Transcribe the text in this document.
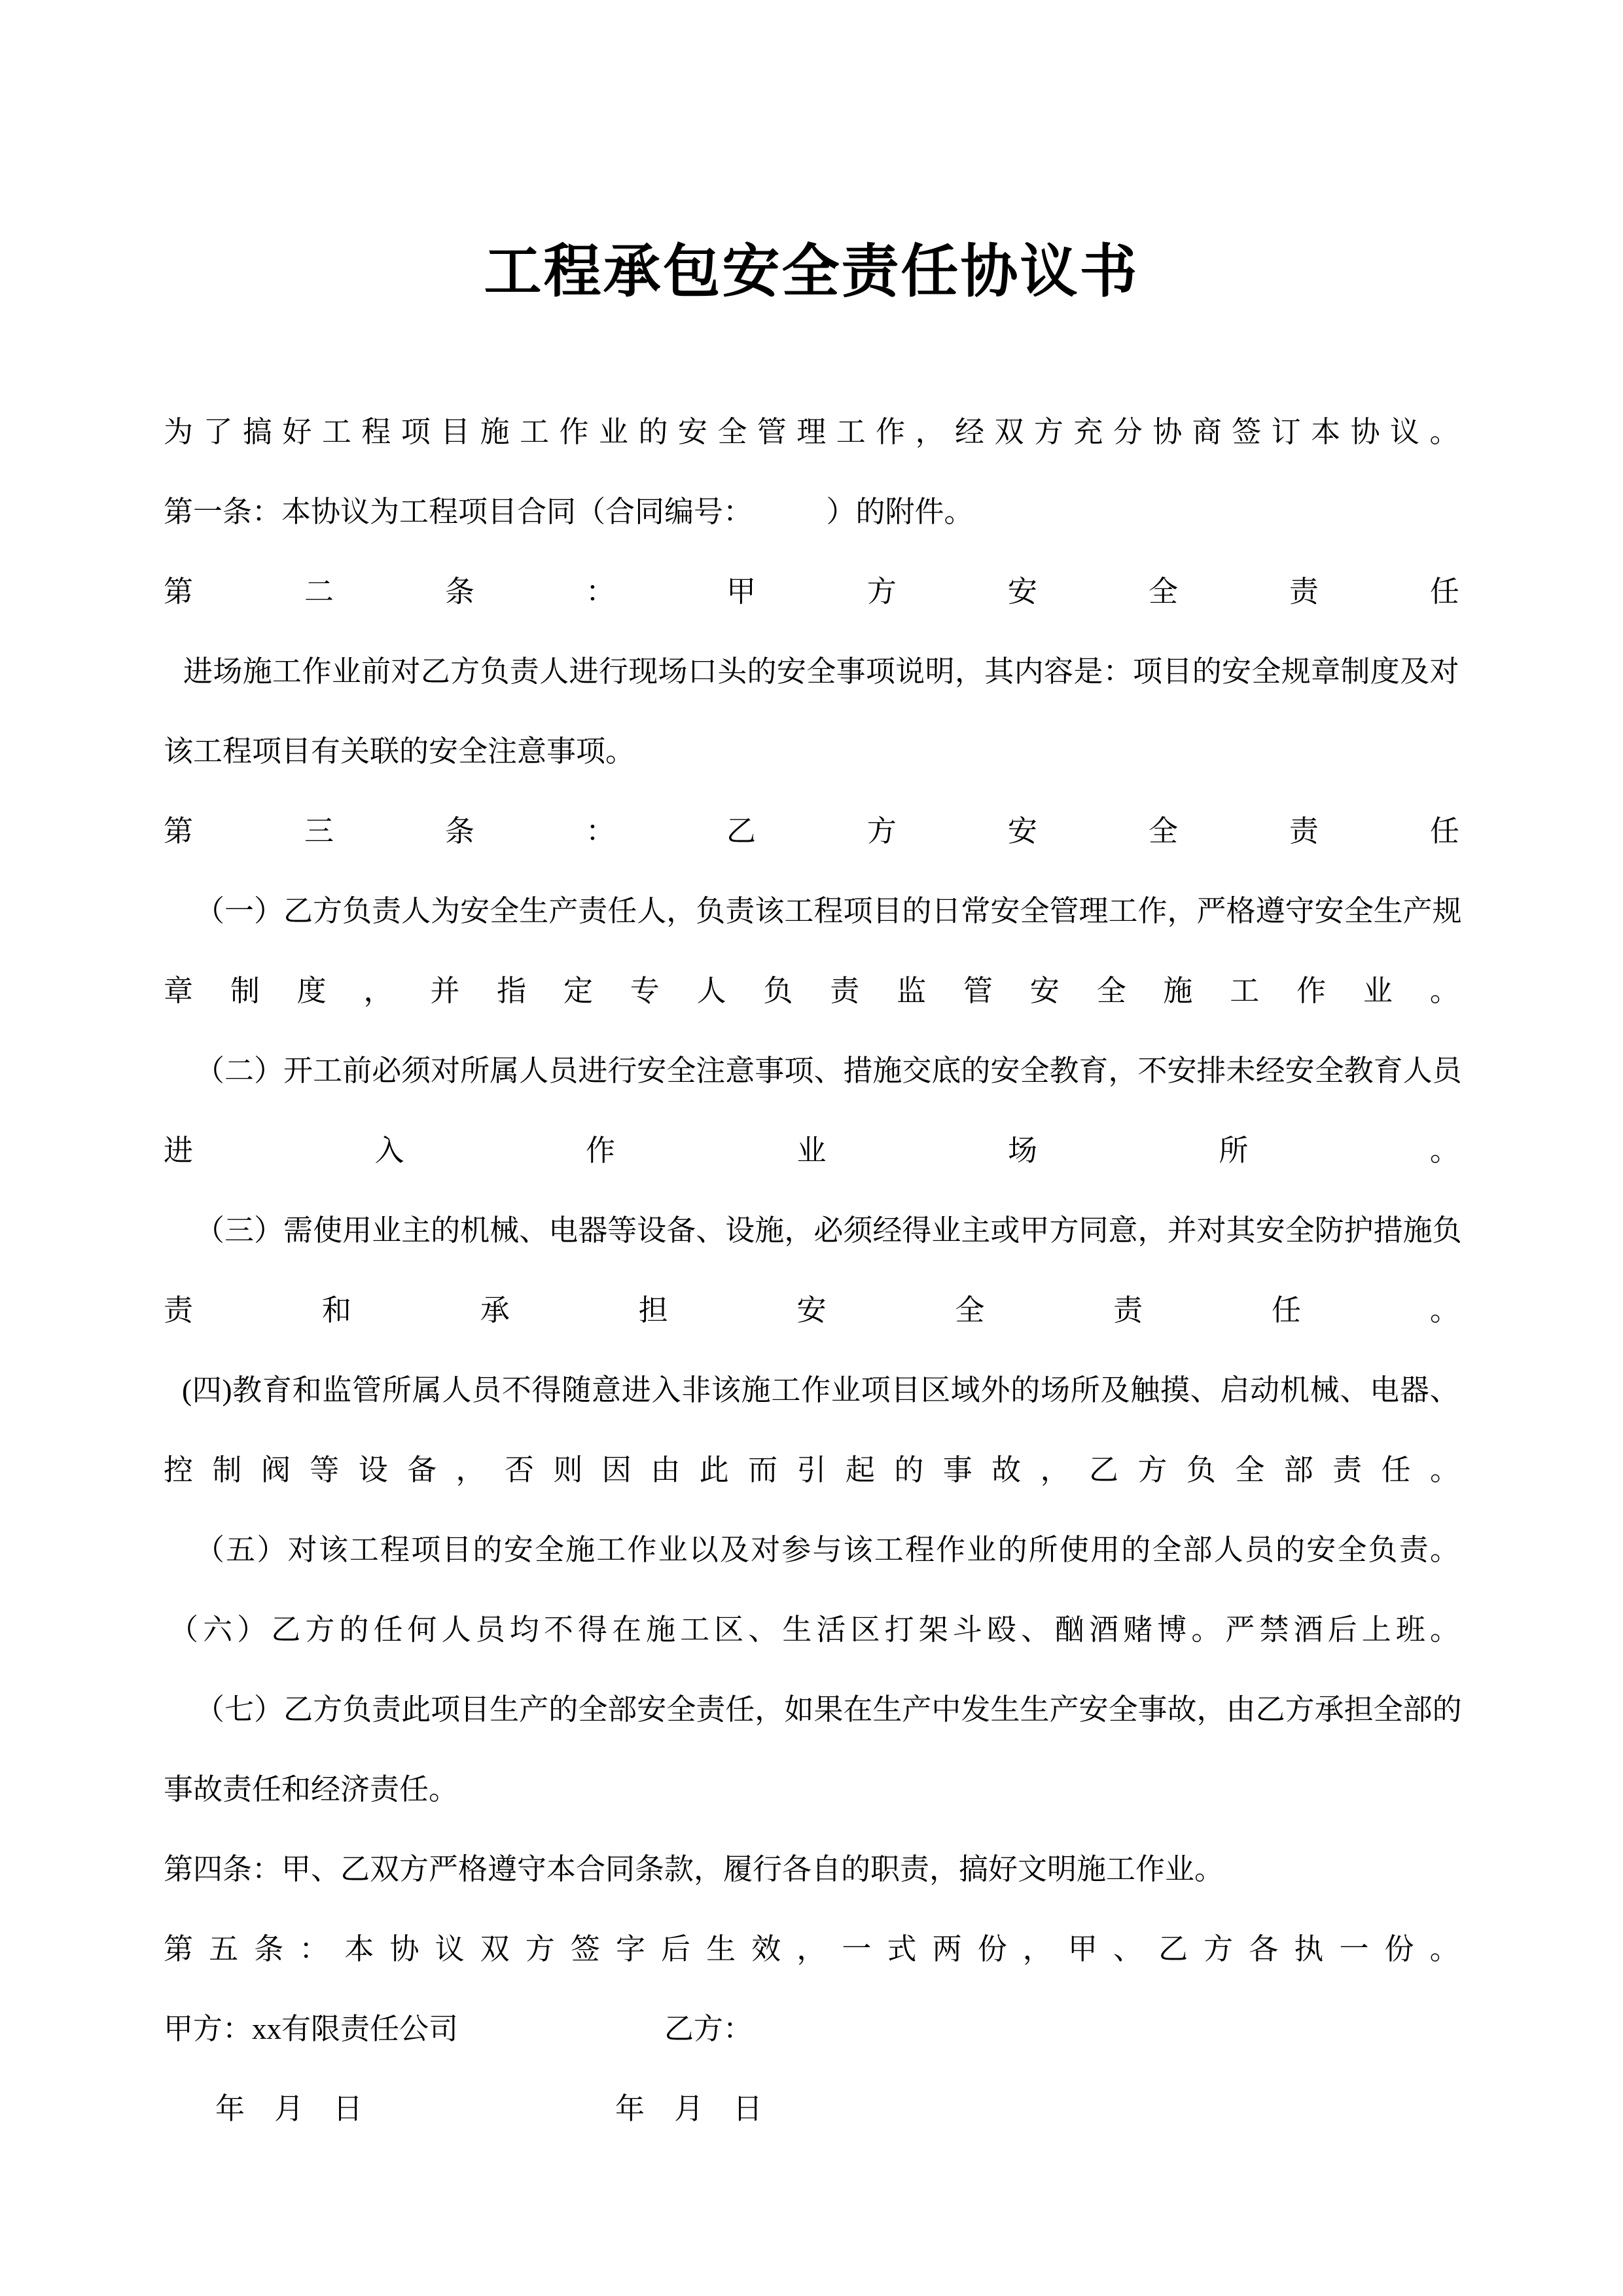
工程承包安全责任协议书
为 了 搞 好 工 程 项 目 施 工 作 业 的 安 全 管 理 工 作 ， 经 双 方 充 分 协 商 签 订 本 协 议 。
第一条：本协议为工程项目合同（合同编号：　　　）的附件。
第	二	条	：	甲	方	安	全	责	任
进 场 施 工 作 业 前 对 乙 方 负 责 人 进 行 现 场 口 头 的 安 全 事 项 说 明 ， 其 内 容 是 ： 项 目 的 安 全 规 章 制 度 及 对
该工程项目有关联的安全注意事项。
第	三	条	：	乙	方	安	全	责	任
（ 一 ） 乙 方 负 责 人 为 安 全 生 产 责 任 人 ， 负 责 该 工 程 项 目 的 日 常 安 全 管 理 工 作 ， 严 格 遵 守 安 全 生 产 规
章 制 度 ， 并 指 定 专 人 负 责 监 管 安 全 施 工 作 业 。
（ 二 ） 开 工 前 必 须 对 所 属 人 员 进 行 安 全 注 意 事 项 、 措 施 交 底 的 安 全 教 育 ， 不 安 排 未 经 安 全 教 育 人 员
进	入	作	业	场	所	。
（ 三 ） 需 使 用 业 主 的 机 械 、 电 器 等 设 备 、 设 施 ， 必 须 经 得 业 主 或 甲 方 同 意 ， 并 对 其 安 全 防 护 措 施 负
责	和	承	担	安	全	责	任	。
( 四 ) 教 育 和 监 管 所 属 人 员 不 得 随 意 进 入 非 该 施 工 作 业 项 目 区 域 外 的 场 所 及 触 摸 、 启 动 机 械 、 电 器 、
控 制 阀 等 设 备 ， 否 则 因 由 此 而 引 起 的 事 故 ， 乙 方 负 全 部 责 任 。
（ 五 ） 对 该 工 程 项 目 的 安 全 施 工 作 业 以 及 对 参 与 该 工 程 作 业 的 所 使 用 的 全 部 人 员 的 安 全 负 责 。
（ 六 ） 乙 方 的 任 何 人 员 均 不 得 在 施 工 区 、 生 活 区 打 架 斗 殴 、 酗 酒 赌 博 。 严 禁 酒 后 上 班 。
（ 七 ） 乙 方 负 责 此 项 目 生 产 的 全 部 安 全 责 任 ， 如 果 在 生 产 中 发 生 生 产 安 全 事 故 ， 由 乙 方 承 担 全 部 的
事故责任和经济责任。
第四条：甲、乙双方严格遵守本合同条款，履行各自的职责，搞好文明施工作业。
第 五 条 ： 本 协 议 双 方 签 字 后 生 效 ， 一 式 两 份 ， 甲 、 乙 方 各 执 一 份 。
甲方：xx有限责任公司	乙方：
年　月　日	年　月　日
